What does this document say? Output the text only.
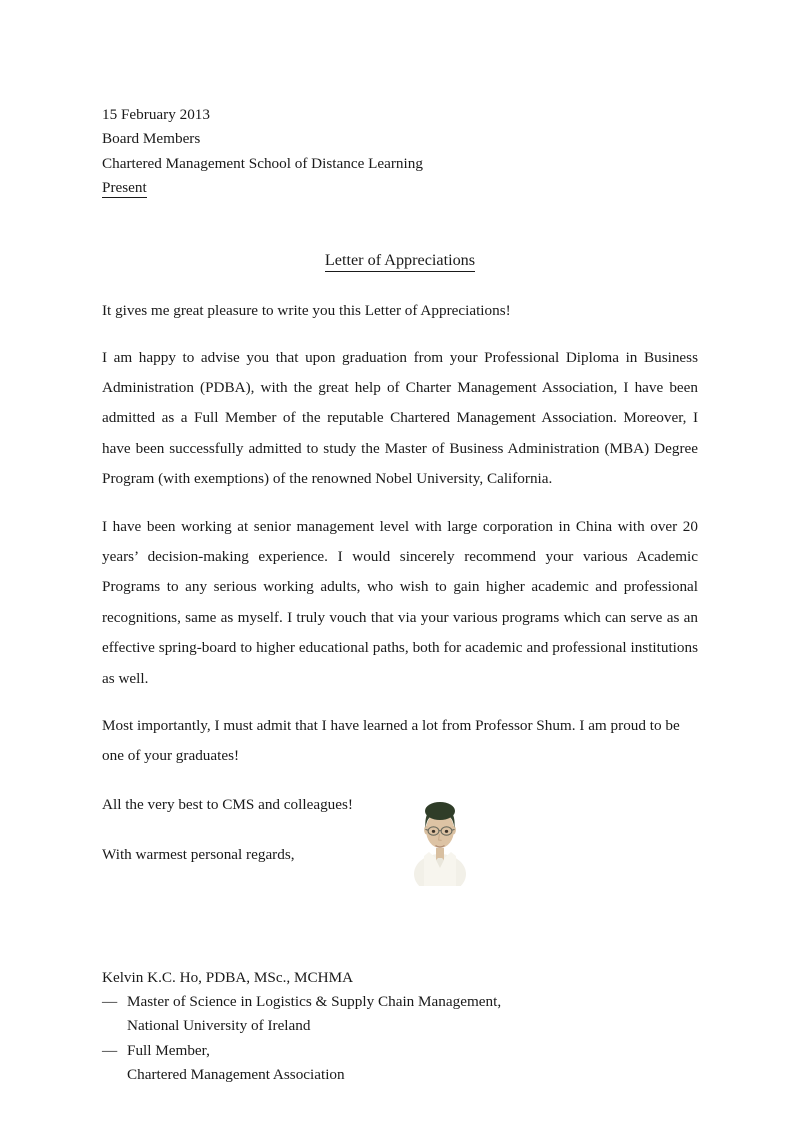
15 February 2013
Board Members
Chartered Management School of Distance Learning
Present
Letter of Appreciations

It gives me great pleasure to write you this Letter of Appreciations!

I am happy to advise you that upon graduation from your Professional Diploma in Business Administration (PDBA), with the great help of Charter Management Association, I have been admitted as a Full Member of the reputable Chartered Management Association. Moreover, I have been successfully admitted to study the Master of Business Administration (MBA) Degree Program (with exemptions) of the renowned Nobel University, California.

I have been working at senior management level with large corporation in China with over 20 years’ decision-making experience. I would sincerely recommend your various Academic Programs to any serious working adults, who wish to gain higher academic and professional recognitions, same as myself. I truly vouch that via your various programs which can serve as an effective spring-board to higher educational paths, both for academic and professional institutions as well.

Most importantly, I must admit that I have learned a lot from Professor Shum. I am proud to be one of your graduates!

All the very best to CMS and colleagues!

With warmest personal regards,

Kelvin K.C. Ho, PDBA, MSc., MCHMA
— Master of Science in Logistics & Supply Chain Management,
National University of Ireland
— Full Member,
Chartered Management Association
